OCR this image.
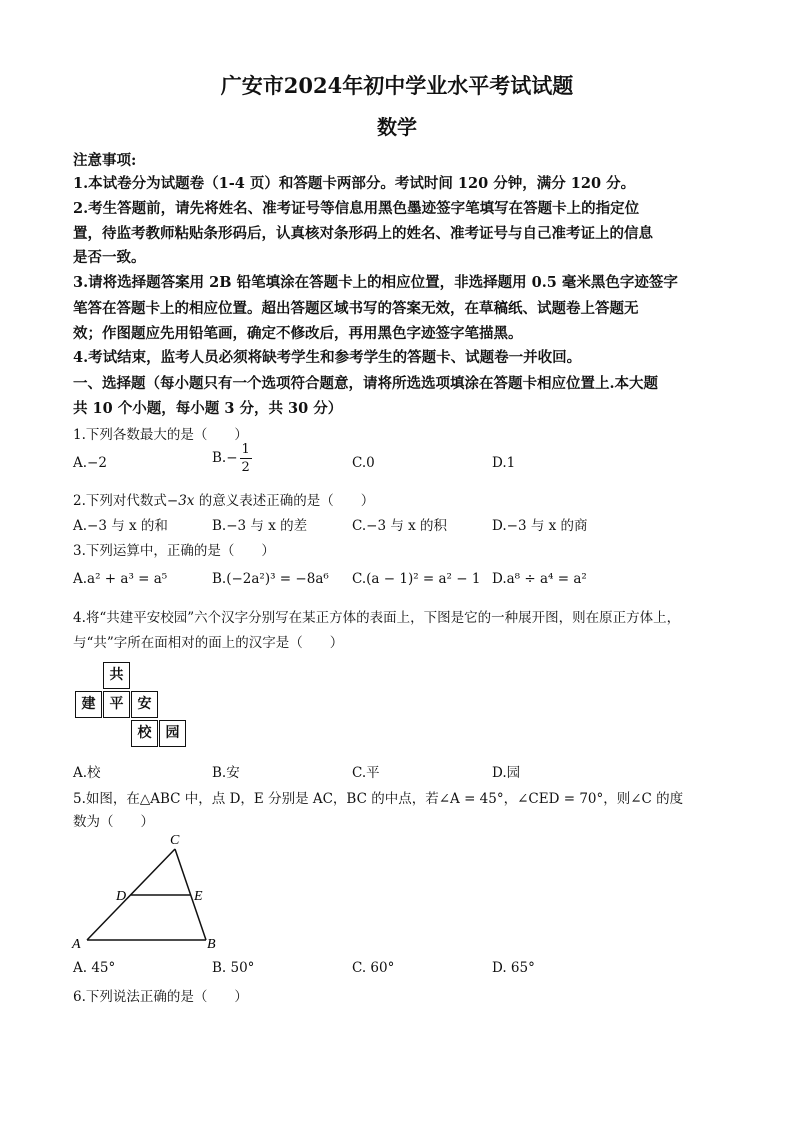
广安市2024年初中学业水平考试试题
数学
注意事项:
1.本试卷分为试题卷（1-4 页）和答题卡两部分。考试时间 120 分钟，满分 120 分。
2.考生答题前，请先将姓名、准考证号等信息用黑色墨迹签字笔填写在答题卡上的指定位
置，待监考教师粘贴条形码后，认真核对条形码上的姓名、准考证号与自己准考证上的信息
是否一致。
3.请将选择题答案用 2B 铅笔填涂在答题卡上的相应位置，非选择题用 0.5 毫米黑色字迹签字
笔答在答题卡上的相应位置。超出答题区域书写的答案无效，在草稿纸、试题卷上答题无
效；作图题应先用铅笔画，确定不修改后，再用黑色字迹签字笔描黑。
4.考试结束，监考人员必须将缺考学生和参考学生的答题卡、试题卷一并收回。
一、选择题（每小题只有一个选项符合题意，请将所选选项填涂在答题卡相应位置上.本大题
共 10 个小题，每小题 3 分，共 30 分）
1.下列各数最大的是（　　）
A.−2	$B.- \frac{1}{2}$	C.0	D.1
2.下列对代数式−3x 的意义表述正确的是（　　）
A.−3 与 x 的和	B.−3 与 x 的差	C.−3 与 x 的积	D.−3 与 x 的商
3.下列运算中，正确的是（　　）
A.a² + a³ = a⁵	B.(−2a²)³ = −8a⁶ C.(a − 1)² = a² − 1 D.a⁸ ÷ a⁴ = a²
4.将“共建平安校园”六个汉字分别写在某正方体的表面上，下图是它的一种展开图，则在原正方体上，
与“共”字所在面相对的面上的汉字是（　　）
共
建	平	安
校	园
A.校	B.安	C.平	D.园
5.如图，在△ABC 中，点 D，E 分别是 AC，BC 的中点，若∠A = 45°，∠CED = 70°，则∠C 的度
数为（　　）
A	B
C
D	E
A. 45°	B. 50°	C. 60°	D. 65°
6.下列说法正确的是（　　）
